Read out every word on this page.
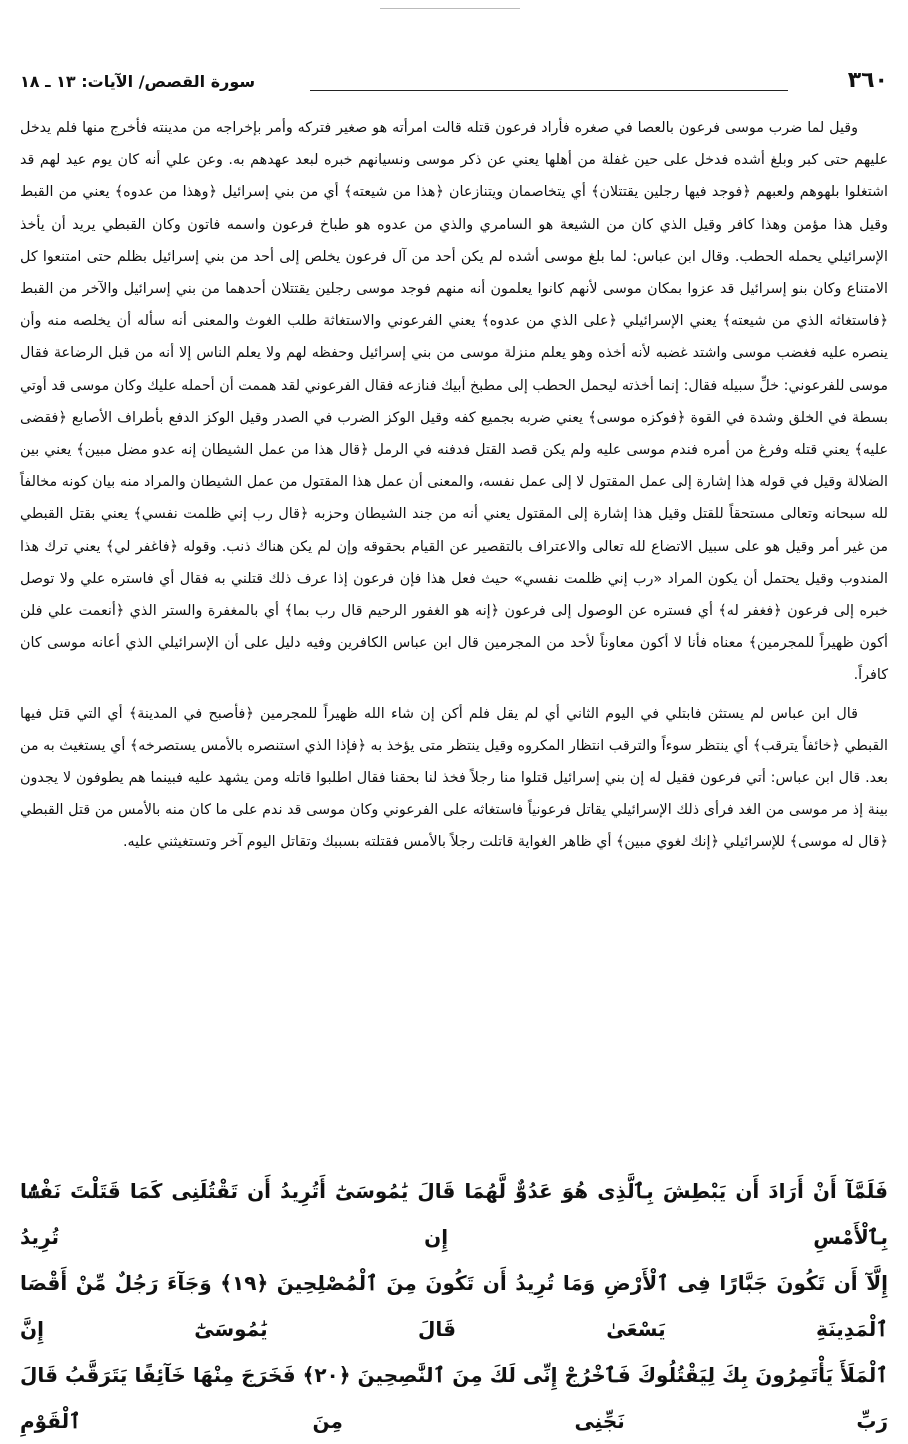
٣٦٠
سورة القصص/ الآيات: ١٣ ـ ١٨

وقيل لما ضرب موسى فرعون بالعصا في صغره فأراد فرعون قتله قالت امرأته هو صغير فتركه وأمر بإخراجه من مدينته فأخرج منها فلم يدخل عليهم حتى كبر وبلغ أشده فدخل على حين غفلة من أهلها يعني عن ذكر موسى ونسيانهم خبره لبعد عهدهم به. وعن علي أنه كان يوم عيد لهم قد اشتغلوا بلهوهم ولعبهم ﴿فوجد فيها رجلين يقتتلان﴾ أي يتخاصمان ويتنازعان ﴿هذا من شيعته﴾ أي من بني إسرائيل ﴿وهذا من عدوه﴾ يعني من القبط وقيل هذا مؤمن وهذا كافر وقيل الذي كان من الشيعة هو السامري والذي من عدوه هو طباخ فرعون واسمه فاتون وكان القبطي يريد أن يأخذ الإسرائيلي يحمله الحطب. وقال ابن عباس: لما بلغ موسى أشده لم يكن أحد من آل فرعون يخلص إلى أحد من بني إسرائيل بظلم حتى امتنعوا كل الامتناع وكان بنو إسرائيل قد عزوا بمكان موسى لأنهم كانوا يعلمون أنه منهم فوجد موسى رجلين يقتتلان أحدهما من بني إسرائيل والآخر من القبط ﴿فاستغاثه الذي من شيعته﴾ يعني الإسرائيلي ﴿على الذي من عدوه﴾ يعني الفرعوني والاستغاثة طلب الغوث والمعنى أنه سأله أن يخلصه منه وأن ينصره عليه فغضب موسى واشتد غضبه لأنه أخذه وهو يعلم منزلة موسى من بني إسرائيل وحفظه لهم ولا يعلم الناس إلا أنه من قبل الرضاعة فقال موسى للفرعوني: خلِّ سبيله فقال: إنما أخذته ليحمل الحطب إلى مطبخ أبيك فنازعه فقال الفرعوني لقد هممت أن أحمله عليك وكان موسى قد أوتي بسطة في الخلق وشدة في القوة ﴿فوكزه موسى﴾ يعني ضربه بجميع كفه وقيل الوكز الضرب في الصدر وقيل الوكز الدفع بأطراف الأصابع ﴿فقضى عليه﴾ يعني قتله وفرغ من أمره فندم موسى عليه ولم يكن قصد القتل فدفنه في الرمل ﴿قال هذا من عمل الشيطان إنه عدو مضل مبين﴾ يعني بين الضلالة وقيل في قوله هذا إشارة إلى عمل المقتول لا إلى عمل نفسه، والمعنى أن عمل هذا المقتول من عمل الشيطان والمراد منه بيان كونه مخالفاً لله سبحانه وتعالى مستحقاً للقتل وقيل هذا إشارة إلى المقتول يعني أنه من جند الشيطان وحزبه ﴿قال رب إني ظلمت نفسي﴾ يعني بقتل القبطي من غير أمر وقيل هو على سبيل الاتضاع لله تعالى والاعتراف بالتقصير عن القيام بحقوقه وإن لم يكن هناك ذنب. وقوله ﴿فاغفر لي﴾ يعني ترك هذا المندوب وقيل يحتمل أن يكون المراد «رب إني ظلمت نفسي» حيث فعل هذا فإن فرعون إذا عرف ذلك قتلني به فقال أي فاستره علي ولا توصل خبره إلى فرعون ﴿فغفر له﴾ أي فستره عن الوصول إلى فرعون ﴿إنه هو الغفور الرحيم قال رب بما﴾ أي بالمغفرة والستر الذي ﴿أنعمت علي فلن أكون ظهيراً للمجرمين﴾ معناه فأنا لا أكون معاوناً لأحد من المجرمين قال ابن عباس الكافرين وفيه دليل على أن الإسرائيلي الذي أعانه موسى كان كافراً.

قال ابن عباس لم يستثن فابتلي في اليوم الثاني أي لم يقل فلم أكن إن شاء الله ظهيراً للمجرمين ﴿فأصبح في المدينة﴾ أي التي قتل فيها القبطي ﴿خائفاً يترقب﴾ أي ينتظر سوءاً والترقب انتظار المكروه وقيل ينتظر متى يؤخذ به ﴿فإذا الذي استنصره بالأمس يستصرخه﴾ أي يستغيث به من بعد. قال ابن عباس: أتي فرعون فقيل له إن بني إسرائيل قتلوا منا رجلاً فخذ لنا بحقنا فقال اطلبوا قاتله ومن يشهد عليه فبينما هم يطوفون لا يجدون بينة إذ مر موسى من الغد فرأى ذلك الإسرائيلي يقاتل فرعونياً فاستغاثه على الفرعوني وكان موسى قد ندم على ما كان منه بالأمس من قتل القبطي ﴿قال له موسى﴾ للإسرائيلي ﴿إنك لغوي مبين﴾ أي ظاهر الغواية قاتلت رجلاً بالأمس فقتلته بسببك وتقاتل اليوم آخر وتستغيثني عليه.

فَلَمَّآ أَنْ أَرَادَ أَن يَبْطِشَ بِٱلَّذِى هُوَ عَدُوٌّ لَّهُمَا قَالَ يَٰمُوسَىٰٓ أَتُرِيدُ أَن تَقْتُلَنِى كَمَا قَتَلْتَ نَفْسًۢا بِٱلْأَمْسِ إِن تُرِيدُ

إِلَّآ أَن تَكُونَ جَبَّارًا فِى ٱلْأَرْضِ وَمَا تُرِيدُ أَن تَكُونَ مِنَ ٱلْمُصْلِحِينَ ﴿١٩﴾ وَجَآءَ رَجُلٌ مِّنْ أَقْصَا ٱلْمَدِينَةِ يَسْعَىٰ قَالَ يَٰمُوسَىٰٓ إِنَّ

ٱلْمَلَأَ يَأْتَمِرُونَ بِكَ لِيَقْتُلُوكَ فَٱخْرُجْ إِنِّى لَكَ مِنَ ٱلنَّٰصِحِينَ ﴿٢٠﴾ فَخَرَجَ مِنْهَا خَآئِفًا يَتَرَقَّبُ قَالَ رَبِّ نَجِّنِى مِنَ ٱلْقَوْمِ
